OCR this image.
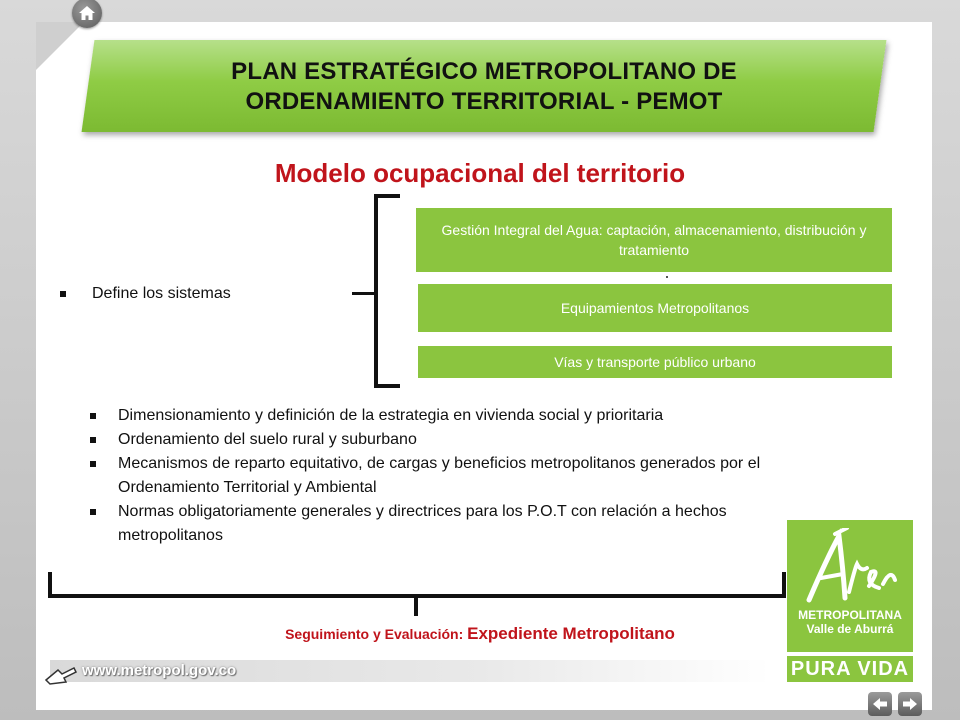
PLAN ESTRATÉGICO METROPOLITANO DE
ORDENAMIENTO TERRITORIAL - PEMOT
Modelo ocupacional del territorio
Define los sistemas
Gestión Integral del Agua: captación, almacenamiento, distribución y tratamiento
Equipamientos Metropolitanos
Vías y transporte público urbano
Dimensionamiento y definición de la estrategia en vivienda social y prioritaria
Ordenamiento del suelo rural y suburbano
Mecanismos de reparto equitativo, de cargas y beneficios metropolitanos generados por el Ordenamiento Territorial y Ambiental
Normas obligatoriamente generales y directrices para los P.O.T con relación a hechos metropolitanos
Seguimiento y Evaluación: Expediente Metropolitano
METROPOLITANA
Valle de Aburrá
PURA VIDA
www.metropol.gov.co
